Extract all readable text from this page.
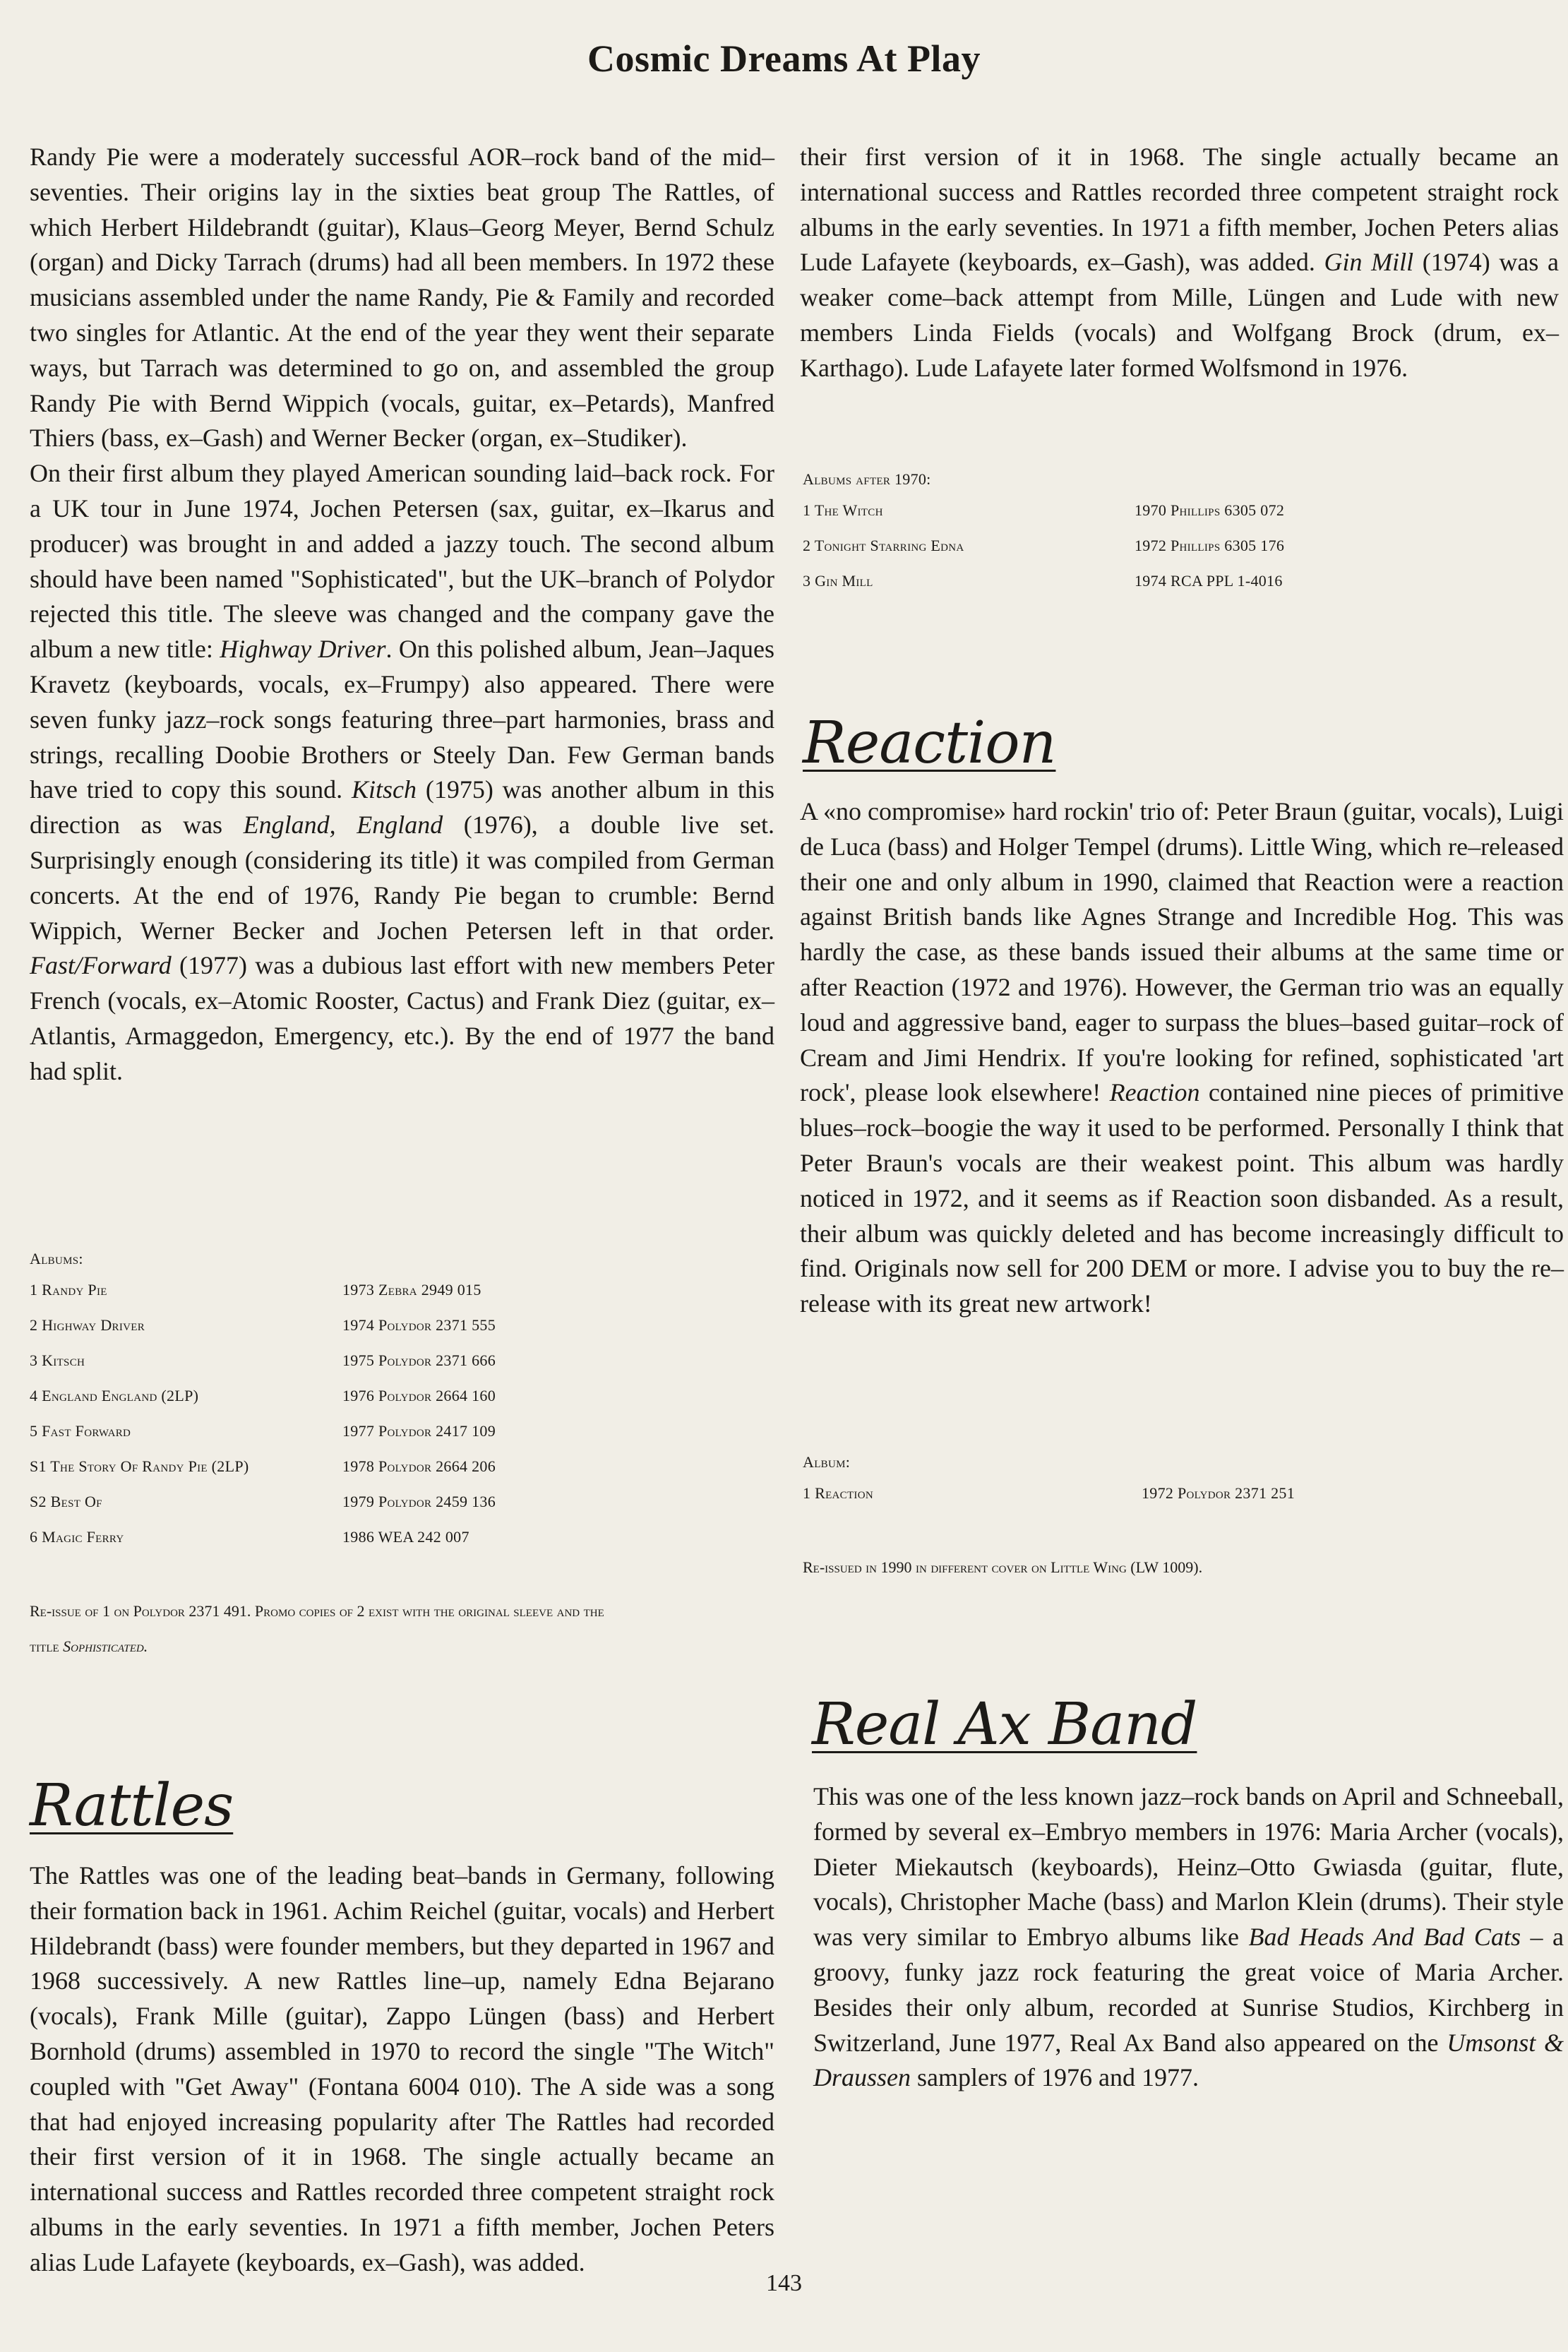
Cosmic Dreams At Play

Randy Pie were a moderately successful AOR–rock band of the mid–seventies. Their origins lay in the sixties beat group The Rattles, of which Herbert Hildebrandt (guitar), Klaus–Georg Meyer, Bernd Schulz (organ) and Dicky Tarrach (drums) had all been members. In 1972 these musicians assembled under the name Randy, Pie & Family and recorded two singles for Atlantic. At the end of the year they went their separate ways, but Tarrach was determined to go on, and assembled the group Randy Pie with Bernd Wippich (vocals, guitar, ex–Petards), Manfred Thiers (bass, ex–Gash) and Werner Becker (organ, ex–Studiker).

On their first album they played American sounding laid–back rock. For a UK tour in June 1974, Jochen Petersen (sax, guitar, ex–Ikarus and producer) was brought in and added a jazzy touch. The second album should have been named "Sophisticated", but the UK–branch of Polydor rejected this title. The sleeve was changed and the company gave the album a new title: Highway Driver. On this polished album, Jean–Jaques Kravetz (keyboards, vocals, ex–Frumpy) also appeared. There were seven funky jazz–rock songs featuring three–part harmonies, brass and strings, recalling Doobie Brothers or Steely Dan. Few German bands have tried to copy this sound. Kitsch (1975) was another album in this direction as was England, England (1976), a double live set. Surprisingly enough (considering its title) it was compiled from German concerts. At the end of 1976, Randy Pie began to crumble: Bernd Wippich, Werner Becker and Jochen Petersen left in that order. Fast/Forward (1977) was a dubious last effort with new members Peter French (vocals, ex–Atomic Rooster, Cactus) and Frank Diez (guitar, ex–Atlantis, Armaggedon, Emergency, etc.). By the end of 1977 the band had split.

Albums:
1 Randy Pie	1973 Zebra 2949 015
2 Highway Driver	1974 Polydor 2371 555
3 Kitsch	1975 Polydor 2371 666
4 England England (2LP)	1976 Polydor 2664 160
5 Fast Forward	1977 Polydor 2417 109
S1 The Story Of Randy Pie (2LP)	1978 Polydor 2664 206
S2 Best Of	1979 Polydor 2459 136
6 Magic Ferry	1986 WEA 242 007
Re-issue of 1 on Polydor 2371 491. Promo copies of 2 exist with the original sleeve and the
title Sophisticated.
Rattles

The Rattles was one of the leading beat–bands in Germany, following their formation back in 1961. Achim Reichel (guitar, vocals) and Herbert Hildebrandt (bass) were founder members, but they departed in 1967 and 1968 successively. A new Rattles line–up, namely Edna Bejarano (vocals), Frank Mille (guitar), Zappo Lüngen (bass) and Herbert Bornhold (drums) assembled in 1970 to record the single "The Witch" coupled with "Get Away" (Fontana 6004 010). The A side was a song that had enjoyed increasing popularity after The Rattles had recorded their first version of it in 1968. The single actually became an international success and Rattles recorded three competent straight rock albums in the early seventies. In 1971 a fifth member, Jochen Peters alias Lude Lafayete (keyboards, ex–Gash), was added.

their first version of it in 1968. The single actually became an international success and Rattles recorded three competent straight rock albums in the early seventies. In 1971 a fifth member, Jochen Peters alias Lude Lafayete (keyboards, ex–Gash), was added. Gin Mill (1974) was a weaker come–back attempt from Mille, Lüngen and Lude with new members Linda Fields (vocals) and Wolfgang Brock (drum, ex–Karthago). Lude Lafayete later formed Wolfsmond in 1976.

Albums after 1970:
1 The Witch	1970 Phillips 6305 072
2 Tonight Starring Edna	1972 Phillips 6305 176
3 Gin Mill	1974 RCA PPL 1-4016
Reaction

A «no compromise» hard rockin' trio of: Peter Braun (guitar, vocals), Luigi de Luca (bass) and Holger Tempel (drums). Little Wing, which re–released their one and only album in 1990, claimed that Reaction were a reaction against British bands like Agnes Strange and Incredible Hog. This was hardly the case, as these bands issued their albums at the same time or after Reaction (1972 and 1976). However, the German trio was an equally loud and aggressive band, eager to surpass the blues–based guitar–rock of Cream and Jimi Hendrix. If you're looking for refined, sophisticated 'art rock', please look elsewhere! Reaction contained nine pieces of primitive blues–rock–boogie the way it used to be performed. Personally I think that Peter Braun's vocals are their weakest point. This album was hardly noticed in 1972, and it seems as if Reaction soon disbanded. As a result, their album was quickly deleted and has become increasingly difficult to find. Originals now sell for 200 DEM or more. I advise you to buy the re–release with its great new artwork!

Album:
1 Reaction	1972 Polydor 2371 251
Re-issued in 1990 in different cover on Little Wing (LW 1009).
Real Ax Band

This was one of the less known jazz–rock bands on April and Schneeball, formed by several ex–Embryo members in 1976: Maria Archer (vocals), Dieter Miekautsch (keyboards), Heinz–Otto Gwiasda (guitar, flute, vocals), Christopher Mache (bass) and Marlon Klein (drums). Their style was very similar to Embryo albums like Bad Heads And Bad Cats – a groovy, funky jazz rock featuring the great voice of Maria Archer. Besides their only album, recorded at Sunrise Studios, Kirchberg in Switzerland, June 1977, Real Ax Band also appeared on the Umsonst & Draussen samplers of 1976 and 1977.

143
